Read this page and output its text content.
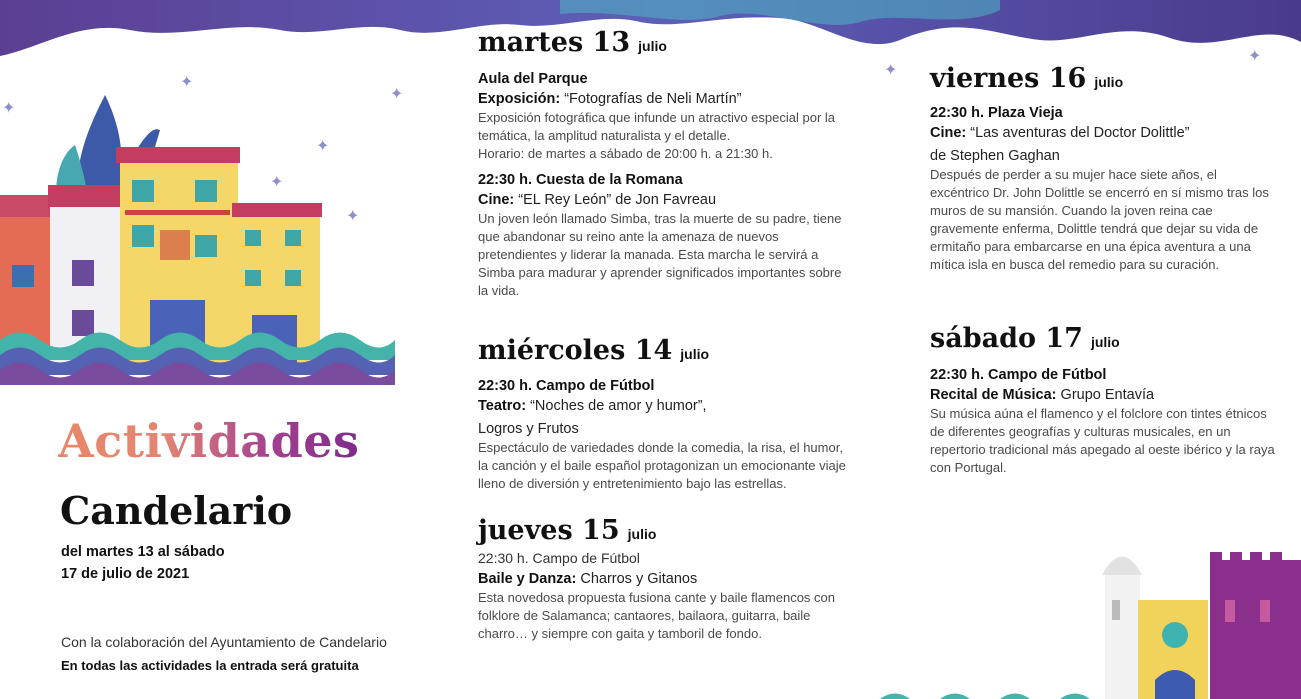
✦
✦
✦
✦
✦
✦
✦
✦
Actividades
Candelario
del martes 13 al sábado
17 de julio de 2021
Con la colaboración del Ayuntamiento de Candelario
En todas las actividades la entrada será gratuita
martes 13 julio
Aula del Parque
Exposición: “Fotografías de Neli Martín”
Exposición fotográfica que infunde un atractivo especial por la temática, la amplitud naturalista y el detalle.
Horario: de martes a sábado de 20:00 h. a 21:30 h.
22:30 h. Cuesta de la Romana
Cine: “EL Rey León” de Jon Favreau
Un joven león llamado Simba, tras la muerte de su padre, tiene que abandonar su reino ante la amenaza de nuevos pretendientes y liderar la manada. Esta marcha le servirá a Simba para madurar y aprender significados importantes sobre la vida.
miércoles 14 julio
22:30 h. Campo de Fútbol
Teatro: “Noches de amor y humor”,
Logros y Frutos
Espectáculo de variedades donde la comedia, la risa, el humor, la canción y el baile español protagonizan un emocionante viaje lleno de diversión y entretenimiento bajo las estrellas.
jueves 15 julio
22:30 h. Campo de Fútbol
Baile y Danza: Charros y Gitanos
Esta novedosa propuesta fusiona cante y baile flamencos con folklore de Salamanca; cantaores, bailaora, guitarra, baile charro… y siempre con gaita y tamboril de fondo.
viernes 16 julio
22:30 h. Plaza Vieja
Cine: “Las aventuras del Doctor Dolittle”
de Stephen Gaghan
Después de perder a su mujer hace siete años, el excéntrico Dr. John Dolittle se encerró en sí mismo tras los muros de su mansión. Cuando la joven reina cae gravemente enferma, Dolittle tendrá que dejar su vida de ermitaño para embarcarse en una épica aventura a una mítica isla en busca del remedio para su curación.
sábado 17 julio
22:30 h. Campo de Fútbol
Recital de Música: Grupo Entavía
Su música aúna el flamenco y el folclore con tintes étnicos de diferentes geografías y culturas musicales, en un repertorio tradicional más apegado al oeste ibérico y la raya con Portugal.
